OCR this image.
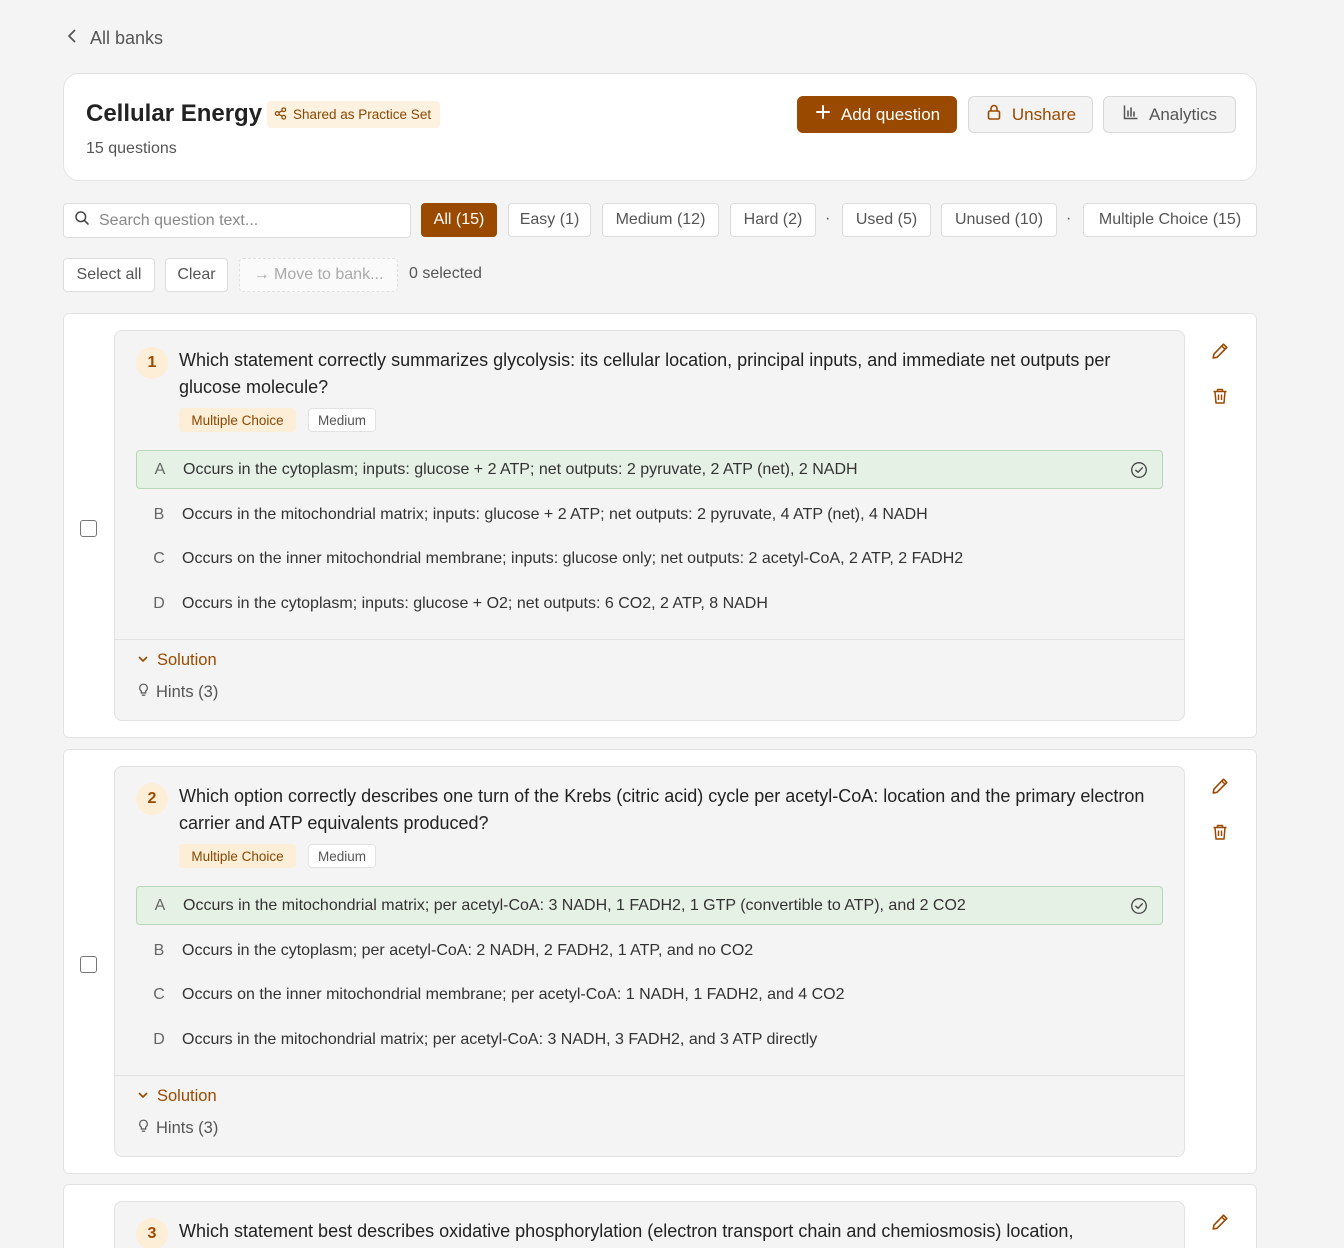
All banks
Cellular Energy Shared as Practice Set
15 questions
Add question	Unshare	Analytics
Search question text...
All (15)	Easy (1)	Medium (12)	Hard (2)	·	Used (5)	Unused (10)	·	Multiple Choice (15)
Select all	Clear	→ Move to bank...	0 selected
1	Which statement correctly summarizes glycolysis: its cellular location, principal inputs, and immediate net outputs per glucose molecule?
Multiple Choice	Medium
A	Occurs in the cytoplasm; inputs: glucose + 2 ATP; net outputs: 2 pyruvate, 2 ATP (net), 2 NADH
B	Occurs in the mitochondrial matrix; inputs: glucose + 2 ATP; net outputs: 2 pyruvate, 4 ATP (net), 4 NADH
C	Occurs on the inner mitochondrial membrane; inputs: glucose only; net outputs: 2 acetyl-CoA, 2 ATP, 2 FADH2
D	Occurs in the cytoplasm; inputs: glucose + O2; net outputs: 6 CO2, 2 ATP, 8 NADH
Solution
Hints (3)
2	Which option correctly describes one turn of the Krebs (citric acid) cycle per acetyl-CoA: location and the primary electron carrier and ATP equivalents produced?
Multiple Choice	Medium
A	Occurs in the mitochondrial matrix; per acetyl-CoA: 3 NADH, 1 FADH2, 1 GTP (convertible to ATP), and 2 CO2
B	Occurs in the cytoplasm; per acetyl-CoA: 2 NADH, 2 FADH2, 1 ATP, and no CO2
C	Occurs on the inner mitochondrial membrane; per acetyl-CoA: 1 NADH, 1 FADH2, and 4 CO2
D	Occurs in the mitochondrial matrix; per acetyl-CoA: 3 NADH, 3 FADH2, and 3 ATP directly
Solution
Hints (3)
3	Which statement best describes oxidative phosphorylation (electron transport chain and chemiosmosis) location,
